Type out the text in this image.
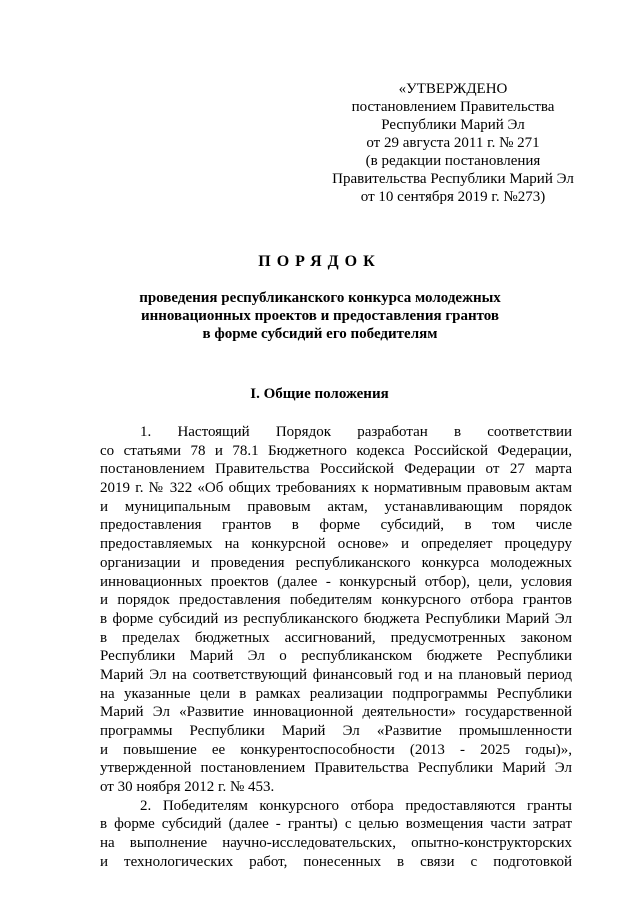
«УТВЕРЖДЕНО
постановлением Правительства
Республики Марий Эл
от 29 августа 2011 г. № 271
(в редакции постановления
Правительства Республики Марий Эл
от 10 сентября 2019 г. №273)
ПОРЯДОК
проведения республиканского конкурса молодежных
инновационных проектов и предоставления грантов
в форме субсидий его победителям
I. Общие положения
1. Настоящий Порядок разработан в соответствии
со статьями 78 и 78.1 Бюджетного кодекса Российской Федерации,
постановлением Правительства Российской Федерации от 27 марта
2019 г. № 322 «Об общих требованиях к нормативным правовым актам
и муниципальным правовым актам, устанавливающим порядок
предоставления грантов в форме субсидий, в том числе
предоставляемых на конкурсной основе» и определяет процедуру
организации и проведения республиканского конкурса молодежных
инновационных проектов (далее - конкурсный отбор), цели, условия
и порядок предоставления победителям конкурсного отбора грантов
в форме субсидий из республиканского бюджета Республики Марий Эл
в пределах бюджетных ассигнований, предусмотренных законом
Республики Марий Эл о республиканском бюджете Республики
Марий Эл на соответствующий финансовый год и на плановый период
на указанные цели в рамках реализации подпрограммы Республики
Марий Эл «Развитие инновационной деятельности» государственной
программы Республики Марий Эл «Развитие промышленности
и повышение ее конкурентоспособности (2013 - 2025 годы)»,
утвержденной постановлением Правительства Республики Марий Эл
от 30 ноября 2012 г. № 453.
2. Победителям конкурсного отбора предоставляются гранты
в форме субсидий (далее - гранты) с целью возмещения части затрат
на выполнение научно-исследовательских, опытно-конструкторских
и технологических работ, понесенных в связи с подготовкой
